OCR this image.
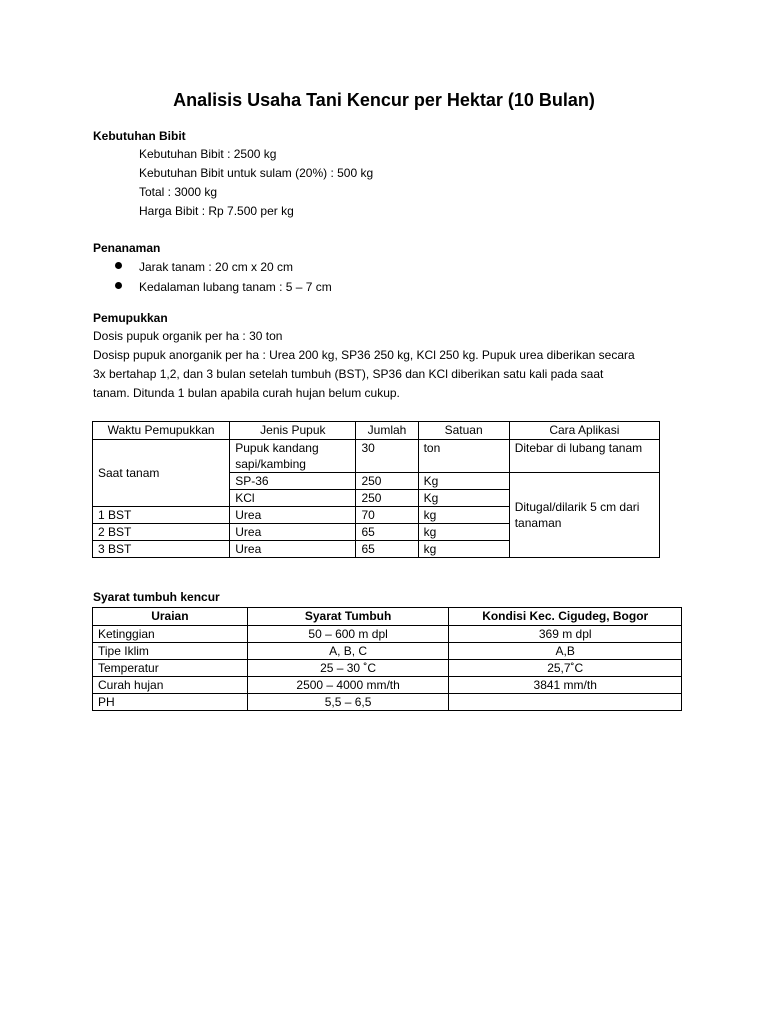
Analisis Usaha Tani Kencur per Hektar (10 Bulan)

Kebutuhan Bibit

Kebutuhan Bibit : 2500 kg

Kebutuhan Bibit untuk sulam (20%) : 500 kg

Total : 3000 kg

Harga Bibit : Rp 7.500 per kg

Penanaman

Jarak tanam : 20 cm x 20 cm
Kedalaman lubang tanam : 5 – 7 cm

Pemupukkan

Dosis pupuk organik per ha : 30 ton

Dosisp pupuk anorganik per ha : Urea 200 kg, SP36 250 kg, KCl 250 kg. Pupuk urea diberikan secara

3x bertahap 1,2, dan 3 bulan setelah tumbuh (BST), SP36 dan KCl diberikan satu kali pada saat

tanam. Ditunda 1 bulan apabila curah hujan belum cukup.

Waktu Pemupukkan	Jenis Pupuk	Jumlah	Satuan	Cara Aplikasi
Saat tanam	Pupuk kandang sapi/kambing	30	ton	Ditebar di lubang tanam
	SP-36	250	Kg	Ditugal/dilarik 5 cm dari tanaman
	KCl	250	Kg	
1 BST	Urea	70	kg	
2 BST	Urea	65	kg	
3 BST	Urea	65	kg	

Syarat tumbuh kencur

Uraian	Syarat Tumbuh	Kondisi Kec. Cigudeg, Bogor
Ketinggian	50 – 600 m dpl	369 m dpl
Tipe Iklim	A, B, C	A,B
Temperatur	25 – 30 ˚C	25,7˚C
Curah hujan	2500 – 4000 mm/th	3841 mm/th
PH	5,5 – 6,5	
